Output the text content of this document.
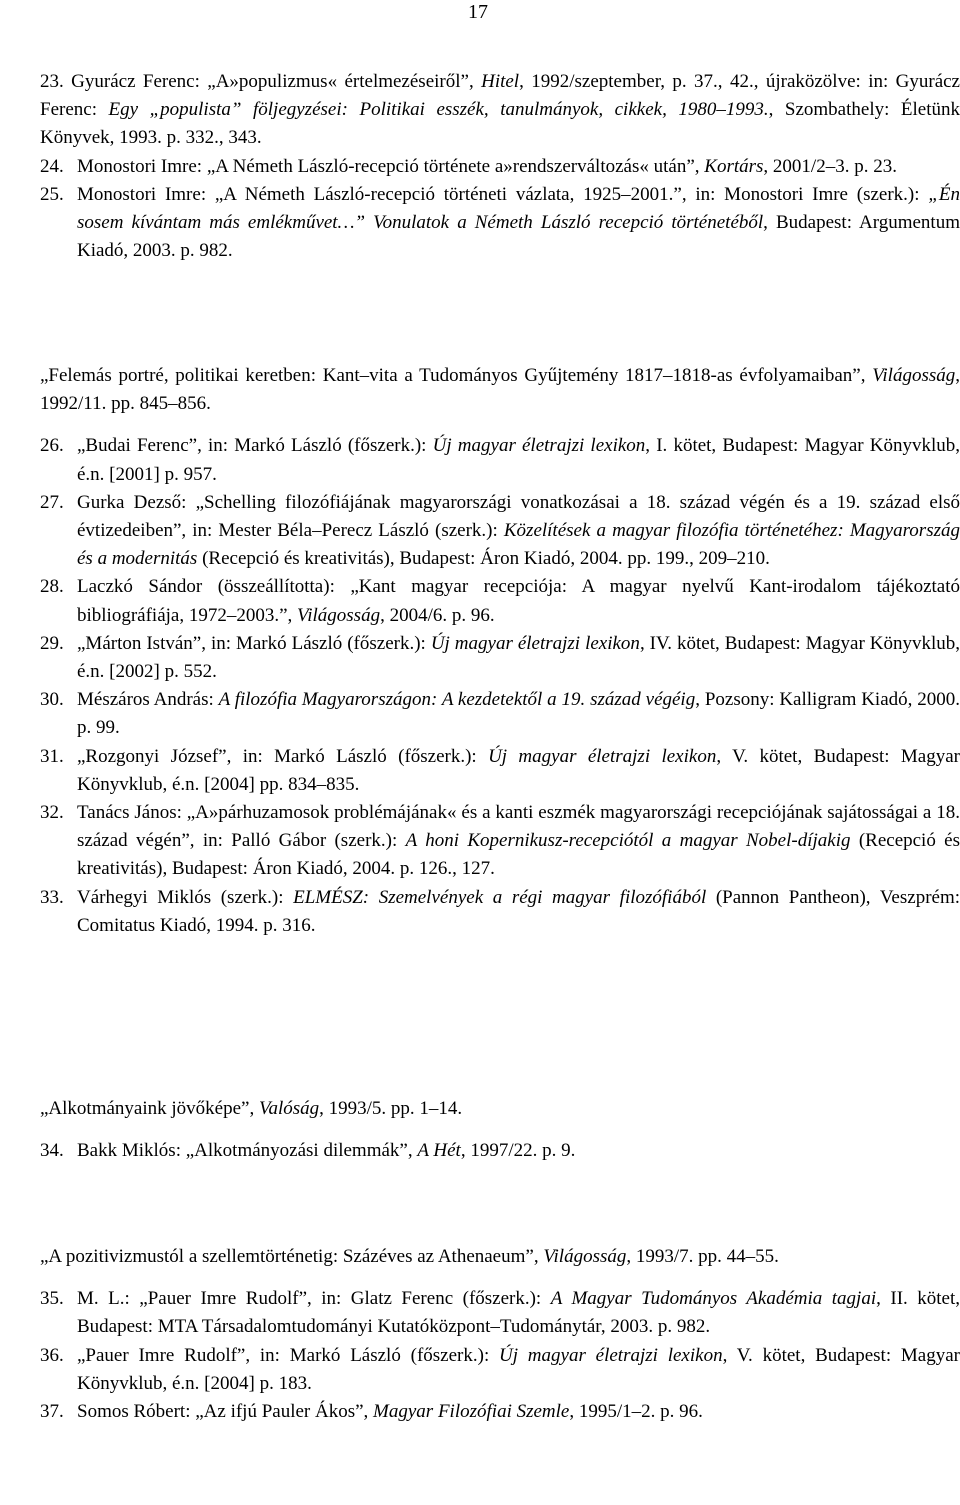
17
23. Gyurácz Ferenc: „A»populizmus« értelmezéseiről”, Hitel, 1992/szeptember, p. 37., 42., újraközölve: in: Gyurácz Ferenc: Egy „populista” följegyzései: Politikai esszék, tanulmányok, cikkek, 1980–1993., Szombathely: Életünk Könyvek, 1993. p. 332., 343.
24. Monostori Imre: „A Németh László-recepció története a»rendszerváltozás« után”, Kortárs, 2001/2–3. p. 23.
25. Monostori Imre: „A Németh László-recepció történeti vázlata, 1925–2001.”, in: Monostori Imre (szerk.): „Én sosem kívántam más emlékművet…” Vonulatok a Németh László recepció történetéből, Budapest: Argumentum Kiadó, 2003. p. 982.
„Felemás portré, politikai keretben: Kant–vita a Tudományos Gyűjtemény 1817–1818-as évfolyamaiban”, Világosság, 1992/11. pp. 845–856.
26. „Budai Ferenc”, in: Markó László (főszerk.): Új magyar életrajzi lexikon, I. kötet, Budapest: Magyar Könyvklub, é.n. [2001] p. 957.
27. Gurka Dezső: „Schelling filozófiájának magyarországi vonatkozásai a 18. század végén és a 19. század első évtizedeiben”, in: Mester Béla–Perecz László (szerk.): Közelítések a magyar filozófia történetéhez: Magyarország és a modernitás (Recepció és kreativitás), Budapest: Áron Kiadó, 2004. pp. 199., 209–210.
28. Laczkó Sándor (összeállította): „Kant magyar recepciója: A magyar nyelvű Kant-irodalom tájékoztató bibliográfiája, 1972–2003.”, Világosság, 2004/6. p. 96.
29. „Márton István”, in: Markó László (főszerk.): Új magyar életrajzi lexikon, IV. kötet, Budapest: Magyar Könyvklub, é.n. [2002] p. 552.
30. Mészáros András: A filozófia Magyarországon: A kezdetektől a 19. század végéig, Pozsony: Kalligram Kiadó, 2000. p. 99.
31. „Rozgonyi József”, in: Markó László (főszerk.): Új magyar életrajzi lexikon, V. kötet, Budapest: Magyar Könyvklub, é.n. [2004] pp. 834–835.
32. Tanács János: „A»párhuzamosok problémájának« és a kanti eszmék magyarországi recepciójának sajátosságai a 18. század végén”, in: Palló Gábor (szerk.): A honi Kopernikusz-recepciótól a magyar Nobel-díjakig (Recepció és kreativitás), Budapest: Áron Kiadó, 2004. p. 126., 127.
33. Várhegyi Miklós (szerk.): ELMÉSZ: Szemelvények a régi magyar filozófiából (Pannon Pantheon), Veszprém: Comitatus Kiadó, 1994. p. 316.
„Alkotmányaink jövőképe”, Valóság, 1993/5. pp. 1–14.
34. Bakk Miklós: „Alkotmányozási dilemmák”, A Hét, 1997/22. p. 9.
„A pozitivizmustól a szellemtörténetig: Százéves az Athenaeum”, Világosság, 1993/7. pp. 44–55.
35. M. L.: „Pauer Imre Rudolf”, in: Glatz Ferenc (főszerk.): A Magyar Tudományos Akadémia tagjai, II. kötet, Budapest: MTA Társadalomtudományi Kutatóközpont–Tudománytár, 2003. p. 982.
36. „Pauer Imre Rudolf”, in: Markó László (főszerk.): Új magyar életrajzi lexikon, V. kötet, Budapest: Magyar Könyvklub, é.n. [2004] p. 183.
37. Somos Róbert: „Az ifjú Pauler Ákos”, Magyar Filozófiai Szemle, 1995/1–2. p. 96.
